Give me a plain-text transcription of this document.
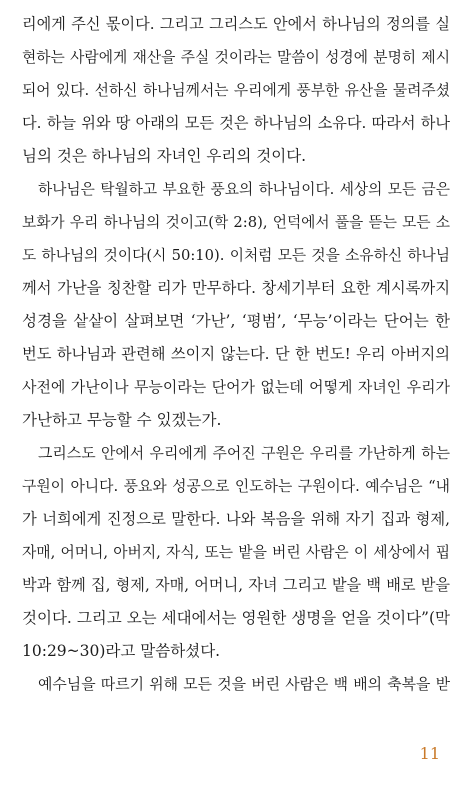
리에게 주신 몫이다. 그리고 그리스도 안에서 하나님의 정의를 실
현하는 사람에게 재산을 주실 것이라는 말씀이 성경에 분명히 제시
되어 있다. 선하신 하나님께서는 우리에게 풍부한 유산을 물려주셨
다. 하늘 위와 땅 아래의 모든 것은 하나님의 소유다. 따라서 하나
님의 것은 하나님의 자녀인 우리의 것이다.
하나님은 탁월하고 부요한 풍요의 하나님이다. 세상의 모든 금은
보화가 우리 하나님의 것이고(학 2:8), 언덕에서 풀을 뜯는 모든 소
도 하나님의 것이다(시 50:10). 이처럼 모든 것을 소유하신 하나님
께서 가난을 칭찬할 리가 만무하다. 창세기부터 요한 계시록까지
성경을 샅샅이 살펴보면 ‘가난’, ‘평범’, ‘무능’이라는 단어는 한
번도 하나님과 관련해 쓰이지 않는다. 단 한 번도! 우리 아버지의
사전에 가난이나 무능이라는 단어가 없는데 어떻게 자녀인 우리가
가난하고 무능할 수 있겠는가.
그리스도 안에서 우리에게 주어진 구원은 우리를 가난하게 하는
구원이 아니다. 풍요와 성공으로 인도하는 구원이다. 예수님은 “내
가 너희에게 진정으로 말한다. 나와 복음을 위해 자기 집과 형제,
자매, 어머니, 아버지, 자식, 또는 밭을 버린 사람은 이 세상에서 핍
박과 함께 집, 형제, 자매, 어머니, 자녀 그리고 밭을 백 배로 받을
것이다. 그리고 오는 세대에서는 영원한 생명을 얻을 것이다”(막
10:29~30)라고 말씀하셨다.
예수님을 따르기 위해 모든 것을 버린 사람은 백 배의 축복을 받
11
